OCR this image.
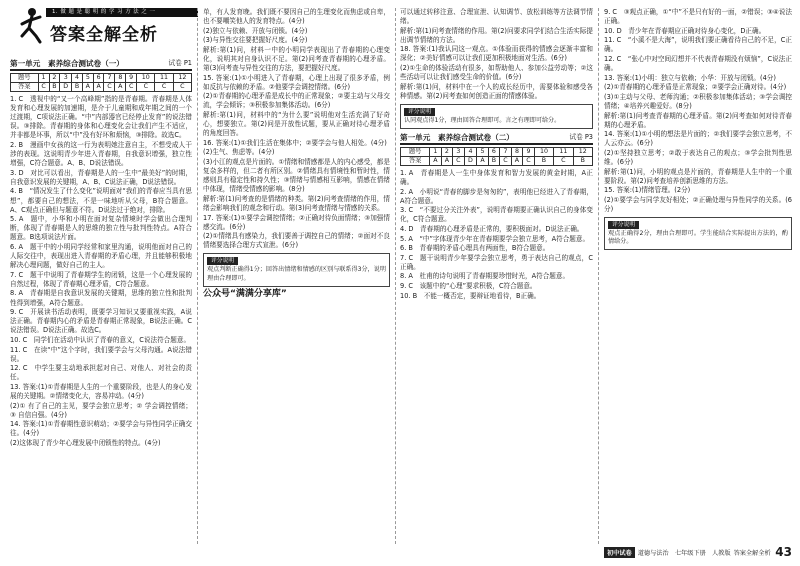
1. 做 题 是 聪 明 的 学 习 方 法 之 一
答案全解全析
第一单元　素养综合测试卷（一）	试卷 P1
题号	1	2	3	4	5	6	7	8	9	10	11	12
答案	C	B	D	B	A	A	C	A	C	C	C	C

1. C　透视中的“又一个高峰期”指的是青春期。青春期是人体发育和心理发展的加速期，是介于儿童期和成年期之间的一个过渡期，C项说法正确。“中”内部器官已经停止发育”的说法错误。③排除。青春期的身体和心理变化会让我们产生不适应，并非都是坏事，所以“中”没有好坏和烦恼，③排除。故选C。

2. B　漫画中女孩的这一行为表明她注意自主，不想受成人干涉的表现。这说明青少年进入青春期，自我意识增强，独立性增强，C符合题意。A、B、D说法错误。

3. D　对比可以看出，青春期是人的一生中“最美好”的时期，自我意识发展的关键期，A、B、C说法正确，D说法错误。

4. B　“情况发生了什么变化”说明面对“我们的青春应当具有思想”，都要自己的想法，不是一味地听从父母，B符合题意。A、C观点正确但与题意不符。D说法过于绝对，排除。

5. A　题中，小华和小明在面对复杂情境时学会做出合理判断，体现了青春期是人的思维的独立性与批判性特点。A符合题意。B选项说法片面。

6. A　题干中的小明同学经常和家里沟通，说明他面对自己的人际交往中，表现出进入青春期的矛盾心理，并且能够积极地解决心理问题，做好自己的主人。

7. C　题干中说明了青春期学生的闭锁，这是一个心理发展的自然过程，体现了青春期心理矛盾，C符合题意。

8. A　青春期是自我意识发展的关键期，思维的独立性和批判性得到增强，A符合题意。

9. C　开展读书活动表明，既要学习知识又要重视实践，A说法正确。青春期内心的矛盾是青春期正常现象，B说法正确。C说法错误。D说法正确。故选C。

10. C　同学们在活动中认识了青春的意义，C说法符合题意。

11. C　在读“中”这个字时，我们要学会与父母沟通。A说法错误。

12. C　中学生要主动地承担起对自己、对他人、对社会的责任。

13. 答案:(1)①青春期是人生的一个重要阶段，也是人的身心发展的关键期。②情绪变化大，容易冲动。(4分)

(2)① 有了自己的主见，要学会独立思考；② 学会调控情绪；③ 自信自强。(4分)

14. 答案:(1)①青春期性意识萌动；②要学会与异性同学正确交往。(4分)

(2)这体现了青少年心理发展中闭锁性的特点。(4分)

单，有人发育晚。我们既不要因自己的生理变化而焦虑或自卑，也不要嘲笑他人的发育特点。(4分)

(2)独立与依赖、开放与闭锁。(4分)

(3)与异性交往要把握好尺度。(4分)

解析:第(1)问，材料一中的小明同学表现出了青春期的心理变化，说明其对自身认识不足。第(2)问考查青春期的心理矛盾。第(3)问考查与异性交往的方法，要把握好尺度。

15. 答案:(1)①小明进入了青春期，心理上出现了很多矛盾，例如反抗与依赖的矛盾。②他要学会调控情绪。(6分)

(2)①青春期的心理矛盾是成长中的正常现象；②要主动与父母交流，学会倾诉；③积极参加集体活动。(6分)

解析:第(1)问，材料中的“为什么要”说明他对生活充满了好奇心，想要独立。第(2)问是开放性试题，要从正确对待心理矛盾的角度回答。

16. 答案:(1)①我们生活在集体中；②要学会与他人相处。(4分)

(2)生气、焦虑等。(4分)

(3)小江的观点是片面的。①情绪和情感都是人的内心感受，都是复杂多样的，但二者有所区别。②情绪具有情境性和暂时性，情感则具有稳定性和持久性；③情绪与情感相互影响，情感在情绪中体现，情绪受情感的影响。(8分)

解析:第(1)问考查的是情绪的种类。第(2)问考查情绪的作用，情绪会影响我们的观念和行动。第(3)问考查情绪与情感的关系。

17. 答案:(1)①要学会调控情绪；②正确对待负面情绪；③加强情感交流。(6分)

(2)①情绪具有感染力，我们要善于调控自己的情绪；②面对不良情绪要选择合理方式宣泄。(6分)

评分说明

观点判断正确得1分；回答出情绪和情感的区别与联系得3分，说明理由合理即可。

公众号“满满分享库”

可以通过转移注意、合理宣泄、认知调节、放松训练等方法调节情绪。

解析:第(1)问考查情绪的作用。第(2)问要求同学们结合生活实际提出调节情绪的方法。

18. 答案:(1)我认同这一观点。①体验而获得的情感会逐渐丰富和深化；②美好情感可以让我们更加积极地面对生活。(6分)

(2)①生命的体验活动有很多，如帮助他人、参加公益劳动等；②这些活动可以让我们感受生命的价值。(6分)

解析:第(1)问，材料中在一个人的成长经历中，需要体验和感受各种情感。第(2)问考查如何创造正面的情感体验。

评分说明

认同观点得1分，理由回答合理即可。言之有理即可给分。

第一单元　素养综合测试卷（二）	试卷 P3
题号	1	2	3	4	5	6	7	8	9	10	11	12
答案	A	A	C	D	A	B	C	A	C	B	C	B

1. A　青春期是人一生中身体发育和智力发展的黄金时期，A正确。

2. A　小明说“青春的脚步是匆匆的”，表明他已经进入了青春期，A符合题意。

3. C　“不要过分关注外表”，说明青春期要正确认识自己的身体变化，C符合题意。

4. D　青春期的心理矛盾是正常的，要积极面对。D说法正确。

5. A　“中”字体现青少年在青春期要学会独立思考，A符合题意。

6. B　青春期的矛盾心理具有两面性，B符合题意。

7. C　题干说明青少年要学会独立思考，勇于表达自己的观点，C正确。

8. A　杜甫的诗句说明了青春期要珍惜时光，A符合题意。

9. C　该题中的“心理”要求积极，C符合题意。

10. B　不能一概否定，要辩证地看待，B正确。

9. C　③观点正确，①“中”不是只有好的一面，②错误；③④说法正确。

10. D　青少年在青春期应正确对待身心变化，D正确。

11. C　“小溪不是大海”，说明我们要正确看待自己的不足，C正确。

12. C　“张心中对空间幻想并不代表青春期没有烦恼”，C说法正确。

13. 答案:(1)小明：独立与依赖；小华：开放与闭锁。(4分)

(2)①青春期的心理矛盾是正常现象；②要学会正确对待。(4分)

(3)①主动与父母、老师沟通；②积极参加集体活动；③学会调控情绪；④培养兴趣爱好。(8分)

解析:第(1)问考查青春期的心理矛盾。第(2)问考查如何对待青春期的心理矛盾。

14. 答案:(1)①小明的想法是片面的；②我们要学会独立思考，不人云亦云。(6分)

(2)①坚持独立思考；②敢于表达自己的观点；③学会批判性思维。(6分)

解析:第(1)问，小明的观点是片面的，青春期是人生中的一个重要阶段。第(2)问考查培养创新思维的方法。

15. 答案:(1)情绪管理。(2分)

(2)①要学会与同学友好相处；②正确处理与异性同学的关系。(6分)

评分说明

观点正确得2分，理由合理即可。学生能结合实际提出方法的，酌情给分。

初中试卷 道德与法治　七年级下册　人教版 答案全解全析 43
